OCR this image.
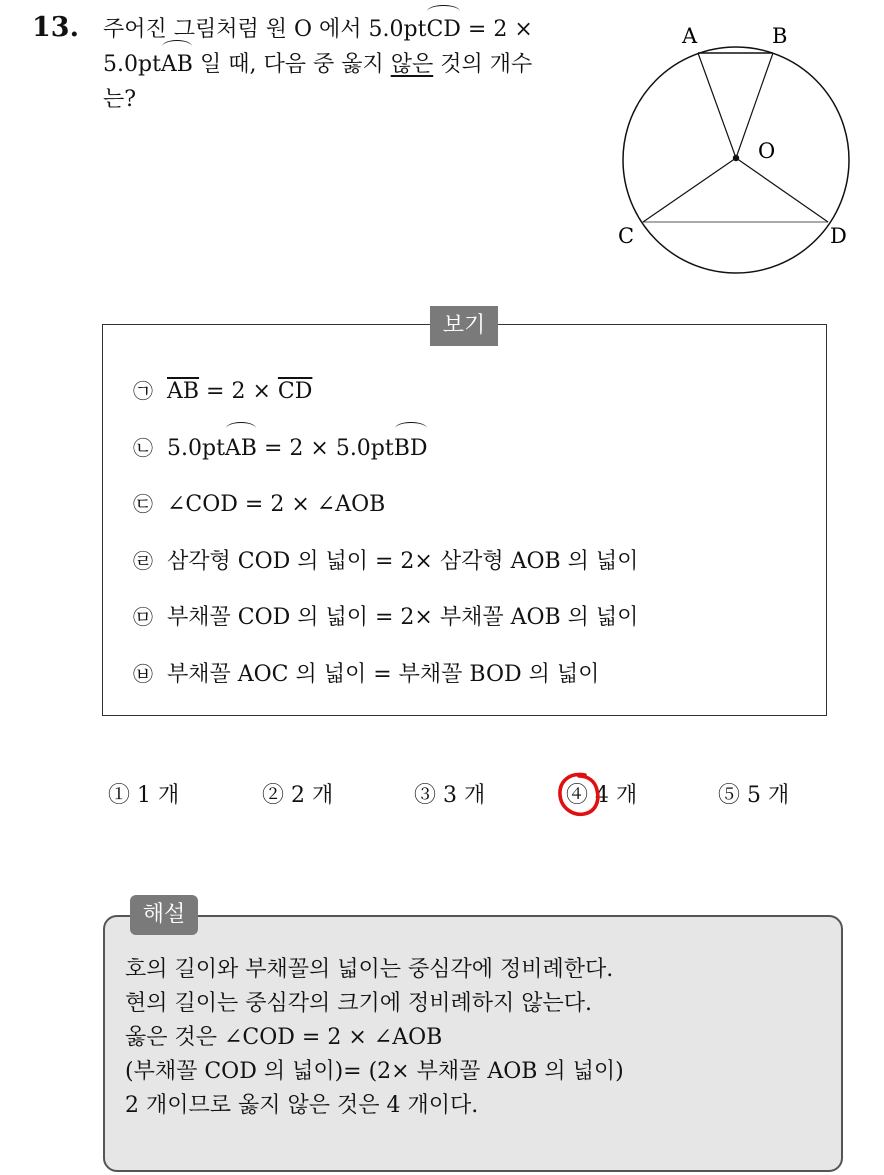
13. 주어진 그림처럼 원 O 에서 5.0ptCD = 2 ×
5.0ptAB 일 때, 다음 중 옳지 않은 것의 개수
는?
A	B
O
C	D
보기
㉠ $\overline{AB} = 2 \times \overline{CD}$
㉡ 5.0ptAB = 2 × 5.0ptBD
㉢ ∠COD = 2 × ∠AOB
㉣ 삼각형 COD 의 넓이 = 2× 삼각형 AOB 의 넓이
㉤ 부채꼴 COD 의 넓이 = 2× 부채꼴 AOB 의 넓이
㉥ 부채꼴 AOC 의 넓이 = 부채꼴 BOD 의 넓이
① 1 개	② 2 개	③ 3 개	④ 4 개	⑤ 5 개
해설
호의 길이와 부채꼴의 넓이는 중심각에 정비례한다.
현의 길이는 중심각의 크기에 정비례하지 않는다.
옳은 것은 ∠COD = 2 × ∠AOB
(부채꼴 COD 의 넓이)= (2× 부채꼴 AOB 의 넓이)
2 개이므로 옳지 않은 것은 4 개이다.
